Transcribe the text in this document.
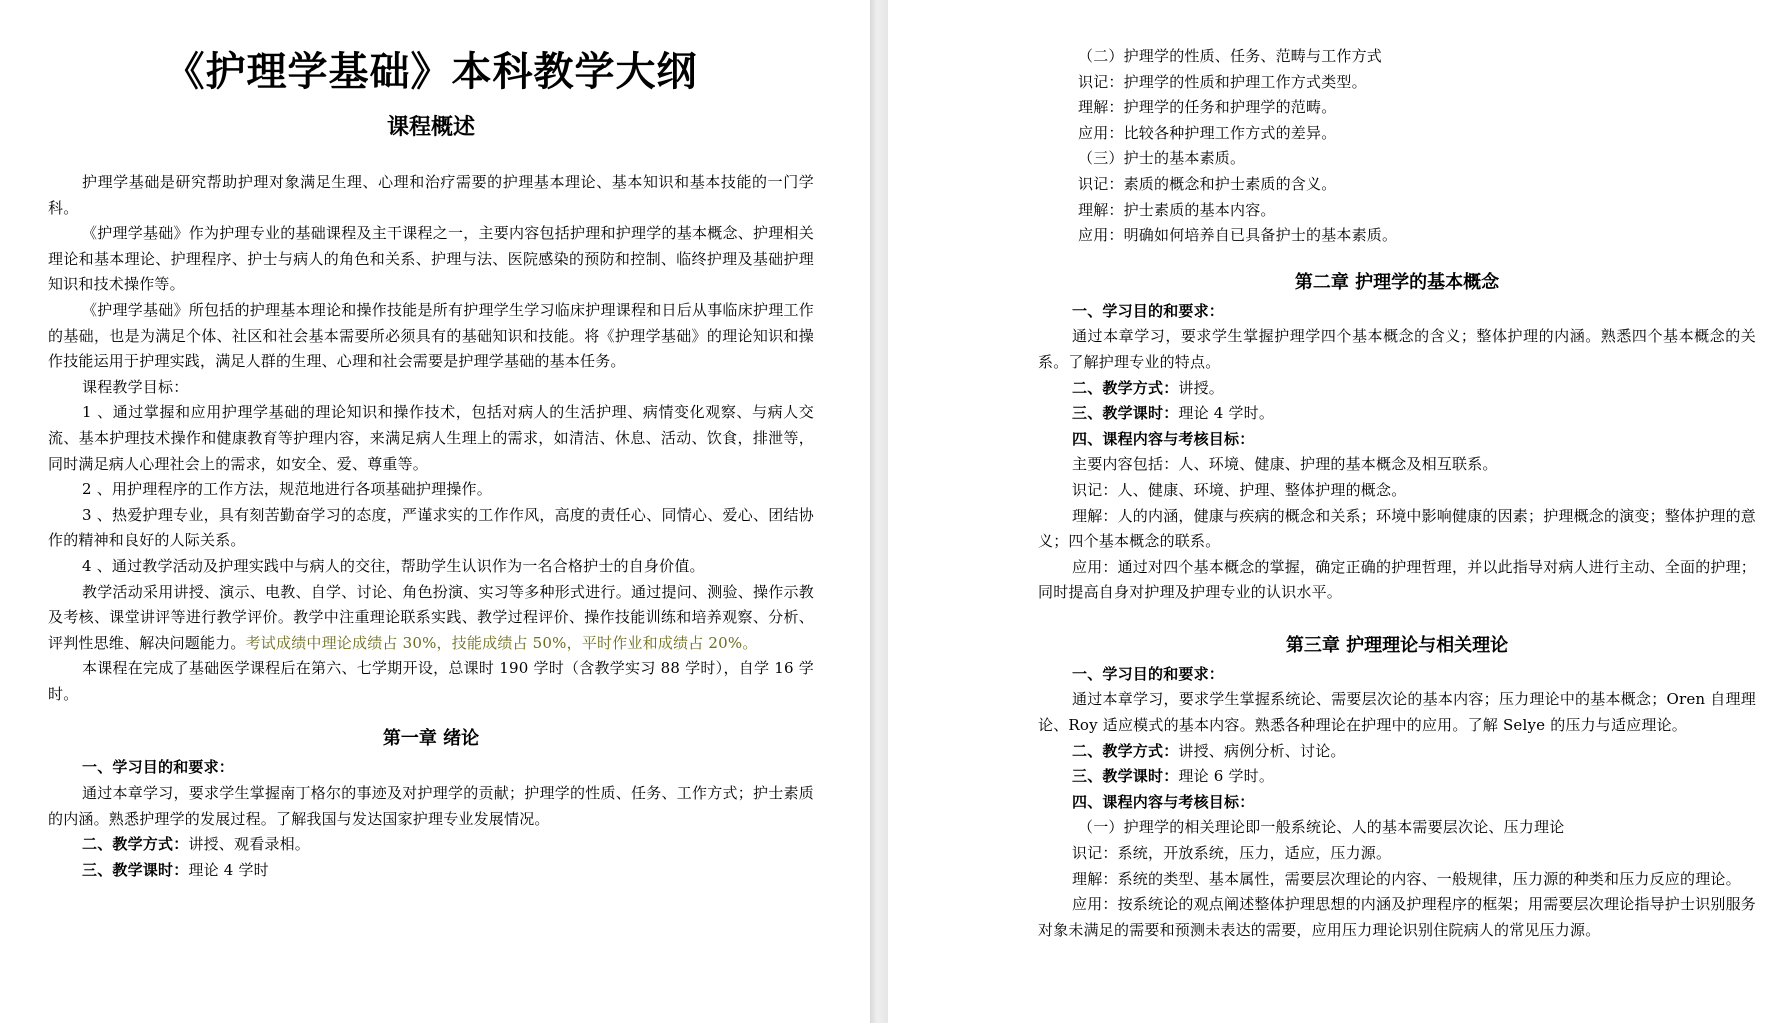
《护理学基础》本科教学大纲
课程概述

护理学基础是研究帮助护理对象满足生理、心理和治疗需要的护理基本理论、基本知识和基本技能的一门学科。

《护理学基础》作为护理专业的基础课程及主干课程之一，主要内容包括护理和护理学的基本概念、护理相关理论和基本理论、护理程序、护士与病人的角色和关系、护理与法、医院感染的预防和控制、临终护理及基础护理知识和技术操作等。

《护理学基础》所包括的护理基本理论和操作技能是所有护理学生学习临床护理课程和日后从事临床护理工作的基础，也是为满足个体、社区和社会基本需要所必须具有的基础知识和技能。将《护理学基础》的理论知识和操作技能运用于护理实践，满足人群的生理、心理和社会需要是护理学基础的基本任务。

课程教学目标：

1 、通过掌握和应用护理学基础的理论知识和操作技术，包括对病人的生活护理、病情变化观察、与病人交流、基本护理技术操作和健康教育等护理内容，来满足病人生理上的需求，如清洁、休息、活动、饮食，排泄等，同时满足病人心理社会上的需求，如安全、爱、尊重等。

2 、用护理程序的工作方法，规范地进行各项基础护理操作。

3 、热爱护理专业，具有刻苦勤奋学习的态度，严谨求实的工作作风，高度的责任心、同情心、爱心、团结协作的精神和良好的人际关系。

4 、通过教学活动及护理实践中与病人的交往，帮助学生认识作为一名合格护士的自身价值。

教学活动采用讲授、演示、电教、自学、讨论、角色扮演、实习等多种形式进行。通过提问、测验、操作示教及考核、课堂讲评等进行教学评价。教学中注重理论联系实践、教学过程评价、操作技能训练和培养观察、分析、评判性思维、解决问题能力。考试成绩中理论成绩占 30%，技能成绩占 50%，平时作业和成绩占 20%。

本课程在完成了基础医学课程后在第六、七学期开设，总课时 190 学时（含教学实习 88 学时），自学 16 学时。

第一章 绪论

一、学习目的和要求：

通过本章学习，要求学生掌握南丁格尔的事迹及对护理学的贡献；护理学的性质、任务、工作方式；护士素质的内涵。熟悉护理学的发展过程。了解我国与发达国家护理专业发展情况。

二、教学方式：讲授、观看录相。

三、教学课时：理论 4 学时

（二）护理学的性质、任务、范畴与工作方式

识记：护理学的性质和护理工作方式类型。

理解：护理学的任务和护理学的范畴。

应用：比较各种护理工作方式的差异。

（三）护士的基本素质。

识记：素质的概念和护士素质的含义。

理解：护士素质的基本内容。

应用：明确如何培养自已具备护士的基本素质。

第二章 护理学的基本概念

一、学习目的和要求：

通过本章学习，要求学生掌握护理学四个基本概念的含义；整体护理的内涵。熟悉四个基本概念的关系。了解护理专业的特点。

二、教学方式：讲授。

三、教学课时：理论 4 学时。

四、课程内容与考核目标：

主要内容包括：人、环境、健康、护理的基本概念及相互联系。

识记：人、健康、环境、护理、整体护理的概念。

理解：人的内涵，健康与疾病的概念和关系；环境中影响健康的因素；护理概念的演变；整体护理的意义；四个基本概念的联系。

应用：通过对四个基本概念的掌握，确定正确的护理哲理，并以此指导对病人进行主动、全面的护理；同时提高自身对护理及护理专业的认识水平。

第三章 护理理论与相关理论

一、学习目的和要求：

通过本章学习，要求学生掌握系统论、需要层次论的基本内容；压力理论中的基本概念；Oren 自理理论、Roy 适应模式的基本内容。熟悉各种理论在护理中的应用。了解 Selye 的压力与适应理论。

二、教学方式：讲授、病例分析、讨论。

三、教学课时：理论 6 学时。

四、课程内容与考核目标：

（一）护理学的相关理论即一般系统论、人的基本需要层次论、压力理论

识记：系统，开放系统，压力，适应，压力源。

理解：系统的类型、基本属性，需要层次理论的内容、一般规律，压力源的种类和压力反应的理论。

应用：按系统论的观点阐述整体护理思想的内涵及护理程序的框架；用需要层次理论指导护士识别服务对象未满足的需要和预测未表达的需要，应用压力理论识别住院病人的常见压力源。
